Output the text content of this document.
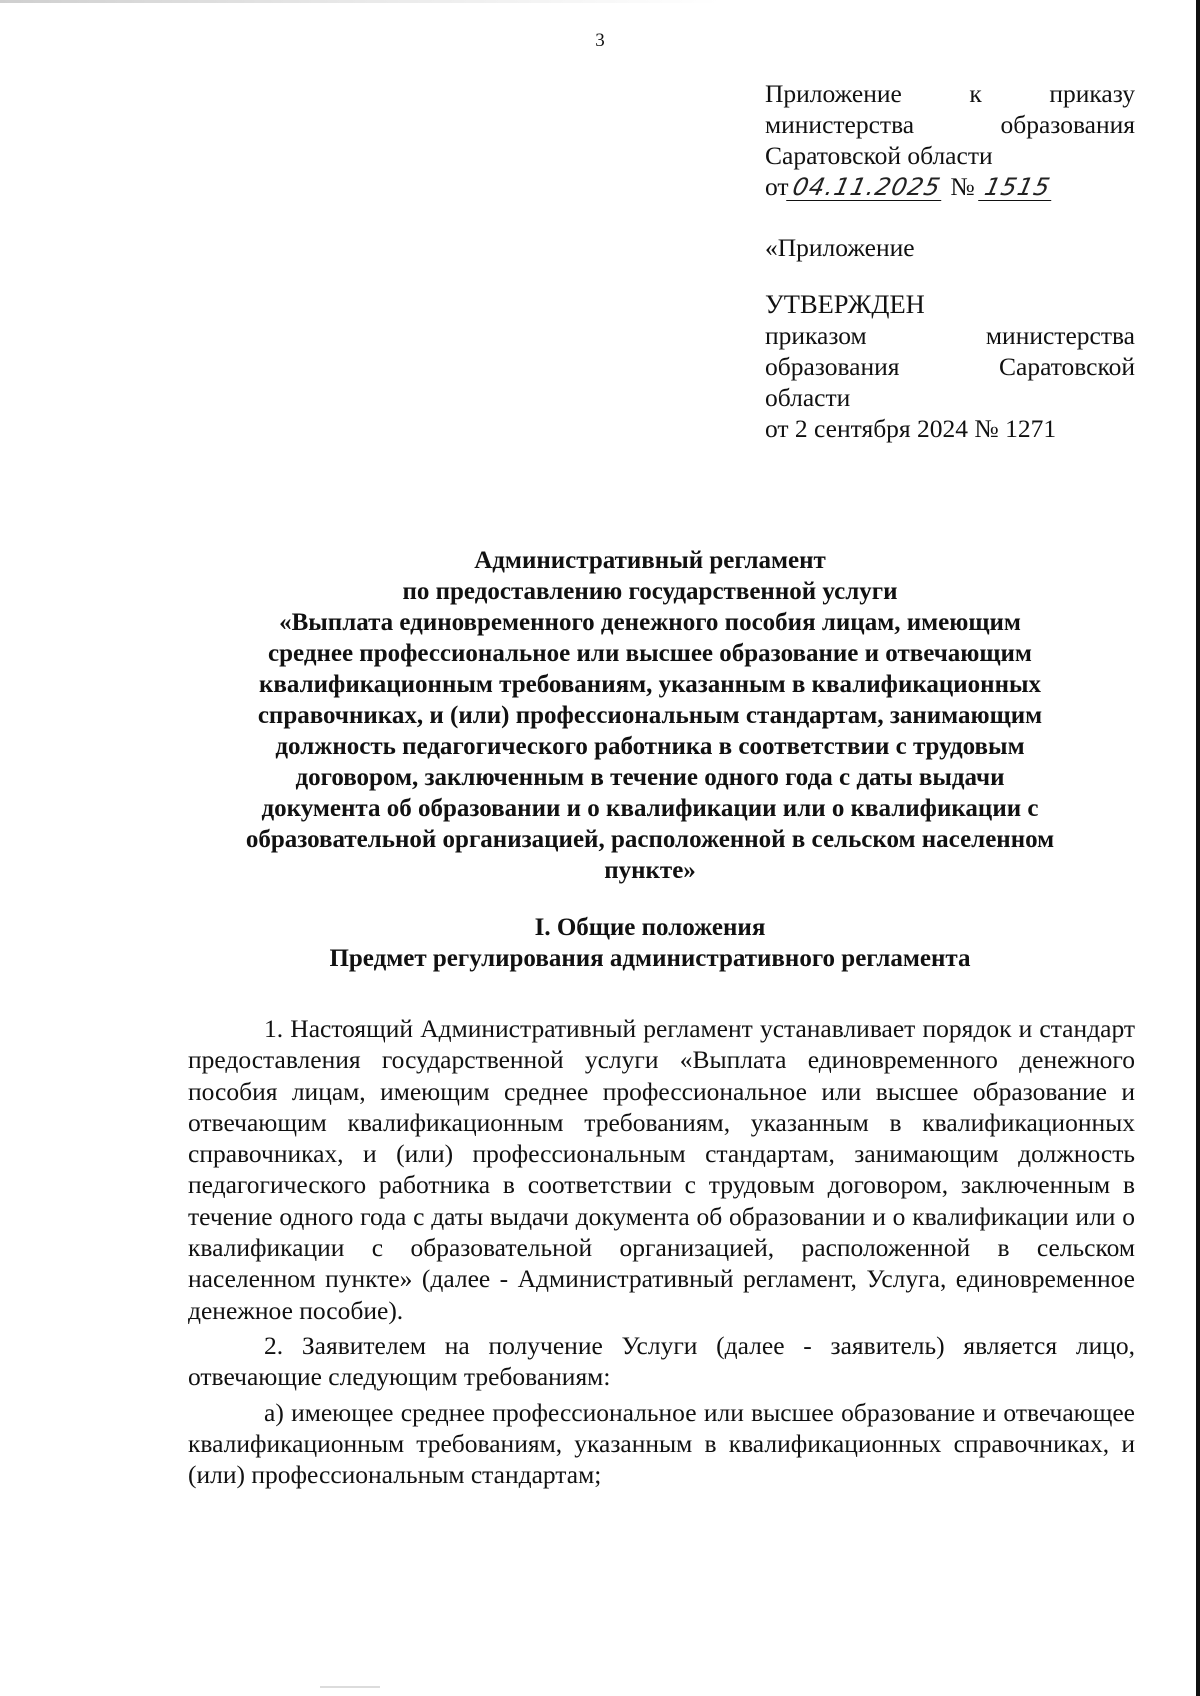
3

Приложение к приказу

министерства образования

Саратовской области

от04.11.2025 № 1515

«Приложение

УТВЕРЖДЕН

приказом министерства

образования Саратовской

области

от 2 сентября 2024 № 1271

Административный регламент
по предоставлению государственной услуги
«Выплата единовременного денежного пособия лицам, имеющим
среднее профессиональное или высшее образование и отвечающим
квалификационным требованиям, указанным в квалификационных
справочниках, и (или) профессиональным стандартам, занимающим
должность педагогического работника в соответствии с трудовым
договором, заключенным в течение одного года с даты выдачи
документа об образовании и о квалификации или о квалификации с
образовательной организацией, расположенной в сельском населенном
пункте»
I. Общие положения
Предмет регулирования административного регламента

1. Настоящий Административный регламент устанавливает порядок и стандарт предоставления государственной услуги «Выплата единовременного денежного пособия лицам, имеющим среднее профессиональное или высшее образование и отвечающим квалификационным требованиям, указанным в квалификационных справочниках, и (или) профессиональным стандартам, занимающим должность педагогического работника в соответствии с трудовым договором, заключенным в течение одного года с даты выдачи документа об образовании и о квалификации или о квалификации с образовательной организацией, расположенной в сельском населенном пункте» (далее - Административный регламент, Услуга, единовременное денежное пособие).

2. Заявителем на получение Услуги (далее - заявитель) является лицо, отвечающие следующим требованиям:

а) имеющее среднее профессиональное или высшее образование и отвечающее квалификационным требованиям, указанным в квалификационных справочниках, и (или) профессиональным стандартам;
